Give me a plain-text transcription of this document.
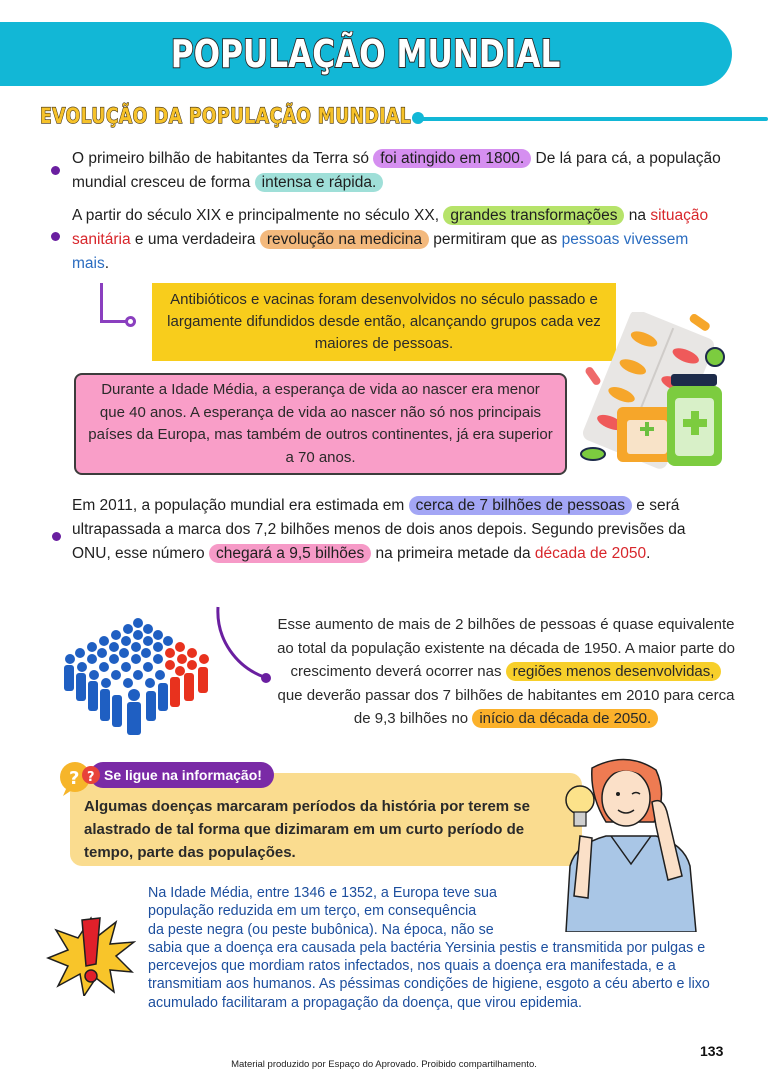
POPULAÇÃO MUNDIAL
EVOLUÇÃO DA POPULAÇÃO MUNDIAL
O primeiro bilhão de habitantes da Terra só foi atingido em 1800. De lá para cá, a população mundial cresceu de forma intensa e rápida.
A partir do século XIX e principalmente no século XX, grandes transformações na situação sanitária e uma verdadeira revolução na medicina permitiram que as pessoas vivessem mais.
Antibióticos e vacinas foram desenvolvidos no século passado e largamente difundidos desde então, alcançando grupos cada vez maiores de pessoas.
Durante a Idade Média, a esperança de vida ao nascer era menor que 40 anos. A esperança de vida ao nascer não só nos principais países da Europa, mas também de outros continentes, já era superior a 70 anos.
Em 2011, a população mundial era estimada em cerca de 7 bilhões de pessoas e será ultrapassada a marca dos 7,2 bilhões menos de dois anos depois. Segundo previsões da ONU, esse número chegará a 9,5 bilhões na primeira metade da década de 2050.
Esse aumento de mais de 2 bilhões de pessoas é quase equivalente ao total da população existente na década de 1950. A maior parte do crescimento deverá ocorrer nas regiões menos desenvolvidas, que deverão passar dos 7 bilhões de habitantes em 2010 para cerca de 9,3 bilhões no início da década de 2050.
Se ligue na informação!
? ?
Algumas doenças marcaram períodos da história por terem se alastrado de tal forma que dizimaram em um curto período de tempo, parte das populações.
Na Idade Média, entre 1346 e 1352, a Europa teve sua
população reduzida em um terço, em consequência
da peste negra (ou peste bubônica). Na época, não se
sabia que a doença era causada pela bactéria Yersinia pestis e transmitida por pulgas e percevejos que mordiam ratos infectados, nos quais a doença era manifestada, e a transmitiam aos humanos. As péssimas condições de higiene, esgoto a céu aberto e lixo acumulado facilitaram a propagação da doença, que virou epidemia.
133
Material produzido por Espaço do Aprovado. Proibido compartilhamento.
